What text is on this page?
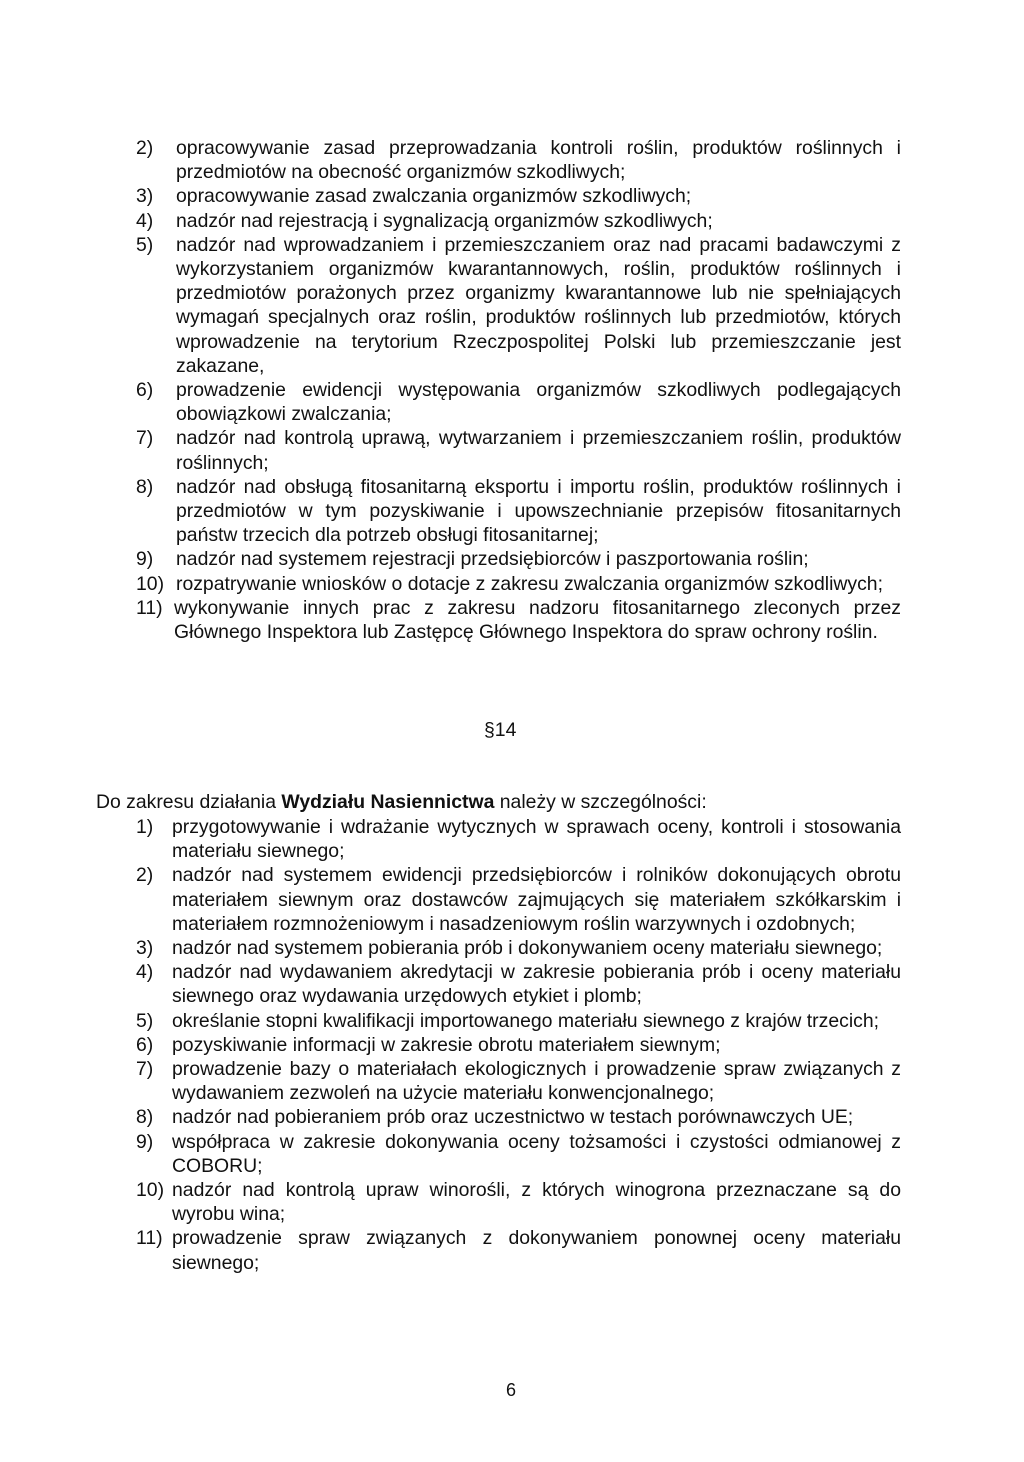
2)	opracowywanie zasad przeprowadzania kontroli roślin, produktów roślinnych i przedmiotów na obecność organizmów szkodliwych;
3)	opracowywanie zasad zwalczania organizmów szkodliwych;
4)	nadzór nad rejestracją i sygnalizacją organizmów szkodliwych;
5)	nadzór nad wprowadzaniem i przemieszczaniem oraz nad pracami badawczymi z wykorzystaniem organizmów kwarantannowych, roślin, produktów roślinnych i przedmiotów porażonych przez organizmy kwarantannowe lub nie spełniających wymagań specjalnych oraz roślin, produktów roślinnych lub przedmiotów, których wprowadzenie na terytorium Rzeczpospolitej Polski lub przemieszczanie jest zakazane,
6)	prowadzenie ewidencji występowania organizmów szkodliwych podlegających obowiązkowi zwalczania;
7)	nadzór nad kontrolą uprawą, wytwarzaniem i przemieszczaniem roślin, produktów roślinnych;
8)	nadzór nad obsługą fitosanitarną eksportu i importu roślin, produktów roślinnych i przedmiotów w tym pozyskiwanie i upowszechnianie przepisów fitosanitarnych państw trzecich dla potrzeb obsługi fitosanitarnej;
9)	nadzór nad systemem rejestracji przedsiębiorców i paszportowania roślin;
10) rozpatrywanie wniosków o dotacje z zakresu zwalczania organizmów szkodliwych;
11) wykonywanie innych prac z zakresu nadzoru fitosanitarnego zleconych przez Głównego Inspektora lub Zastępcę Głównego Inspektora do spraw ochrony roślin.
§14

Do zakresu działania Wydziału Nasiennictwa należy w szczególności:

1) przygotowywanie i wdrażanie wytycznych w sprawach oceny, kontroli i stosowania materiału siewnego;
2) nadzór nad systemem ewidencji przedsiębiorców i rolników dokonujących obrotu materiałem siewnym oraz dostawców zajmujących się materiałem szkółkarskim i materiałem rozmnożeniowym i nasadzeniowym roślin warzywnych i ozdobnych;
3) nadzór nad systemem pobierania prób i dokonywaniem oceny materiału siewnego;
4) nadzór nad wydawaniem akredytacji w zakresie pobierania prób i oceny materiału siewnego oraz wydawania urzędowych etykiet i plomb;
5) określanie stopni kwalifikacji importowanego materiału siewnego z krajów trzecich;
6) pozyskiwanie informacji w zakresie obrotu materiałem siewnym;
7) prowadzenie bazy o materiałach ekologicznych i prowadzenie spraw związanych z wydawaniem zezwoleń na użycie materiału konwencjonalnego;
8) nadzór nad pobieraniem prób oraz uczestnictwo w testach porównawczych UE;
9) współpraca w zakresie dokonywania oceny tożsamości i czystości odmianowej z COBORU;
10) nadzór nad kontrolą upraw winorośli, z których winogrona przeznaczane są do wyrobu wina;
11) prowadzenie spraw związanych z dokonywaniem ponownej oceny materiału siewnego;
6
